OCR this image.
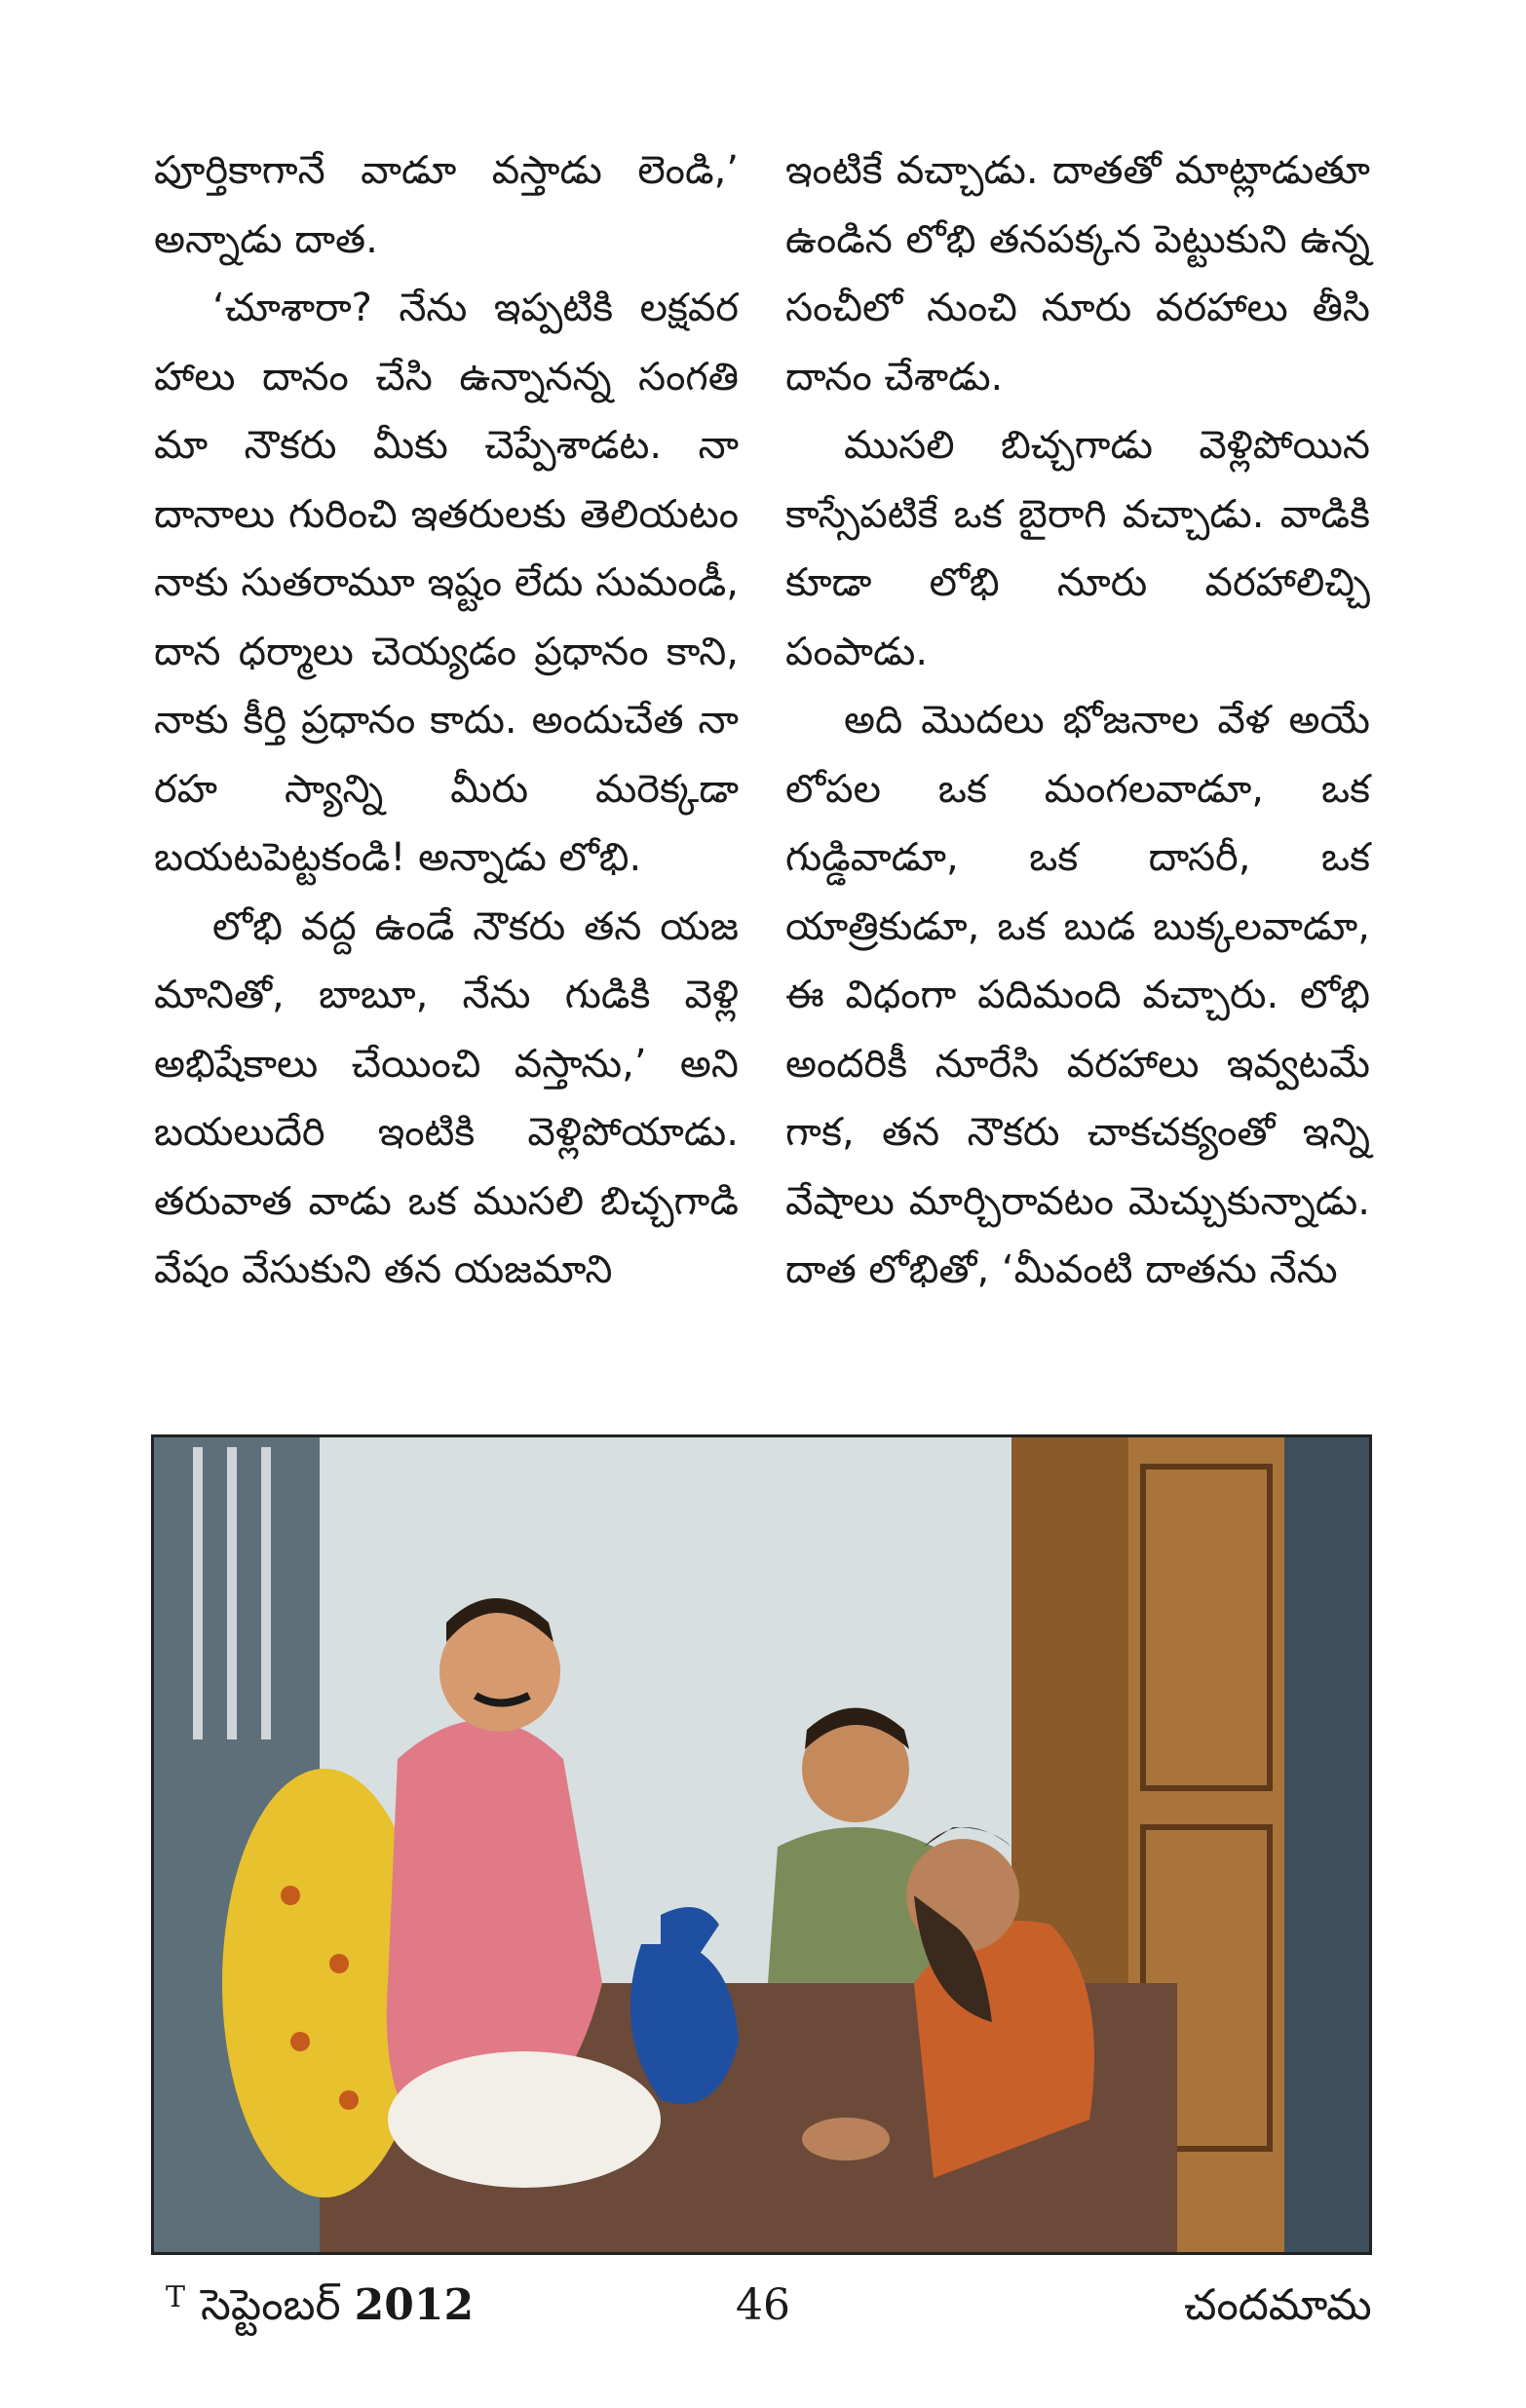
పూర్తికాగానే వాడూ వస్తాడు లెండి,’ అన్నాడు దాత.

‘చూశారా? నేను ఇప్పటికి లక్షవర హాలు దానం చేసి ఉన్నానన్న సంగతి మా నౌకరు మీకు చెప్పేశాడట. నా దానాలు గురించి ఇతరులకు తెలియటం నాకు సుతరామూ ఇష్టం లేదు సుమండీ, దాన ధర్మాలు చెయ్యడం ప్రధానం కాని, నాకు కీర్తి ప్రధానం కాదు. అందుచేత నా రహ స్యాన్ని మీరు మరెక్కడా బయటపెట్టకండి! అన్నాడు లోభి.

లోభి వద్ద ఉండే నౌకరు తన యజ మానితో, బాబూ, నేను గుడికి వెళ్లి అభిషేకాలు చేయించి వస్తాను,’ అని బయలుదేరి ఇంటికి వెళ్లిపోయాడు. తరువాత వాడు ఒక ముసలి బిచ్చగాడి వేషం వేసుకుని తన యజమాని

ఇంటికే వచ్చాడు. దాతతో మాట్లాడుతూ ఉండిన లోభి తనపక్కన పెట్టుకుని ఉన్న సంచీలో నుంచి నూరు వరహాలు తీసి దానం చేశాడు.

ముసలి బిచ్చగాడు వెళ్లిపోయిన కాస్సేపటికే ఒక బైరాగి వచ్చాడు. వాడికి కూడా లోభి నూరు వరహాలిచ్చి పంపాడు.

అది మొదలు భోజనాల వేళ అయే లోపల ఒక మంగలవాడూ, ఒక గుడ్డివాడూ, ఒక దాసరీ, ఒక యాత్రికుడూ, ఒక బుడ బుక్కలవాడూ, ఈ విధంగా పదిమంది వచ్చారు. లోభి అందరికీ నూరేసి వరహాలు ఇవ్వటమే గాక, తన నౌకరు చాకచక్యంతో ఇన్ని వేషాలు మార్చిరావటం మెచ్చుకున్నాడు. దాత లోభితో, ‘మీవంటి దాతను నేను

$^T$ సెప్టెంబర్ 2012	46	చందమామ
